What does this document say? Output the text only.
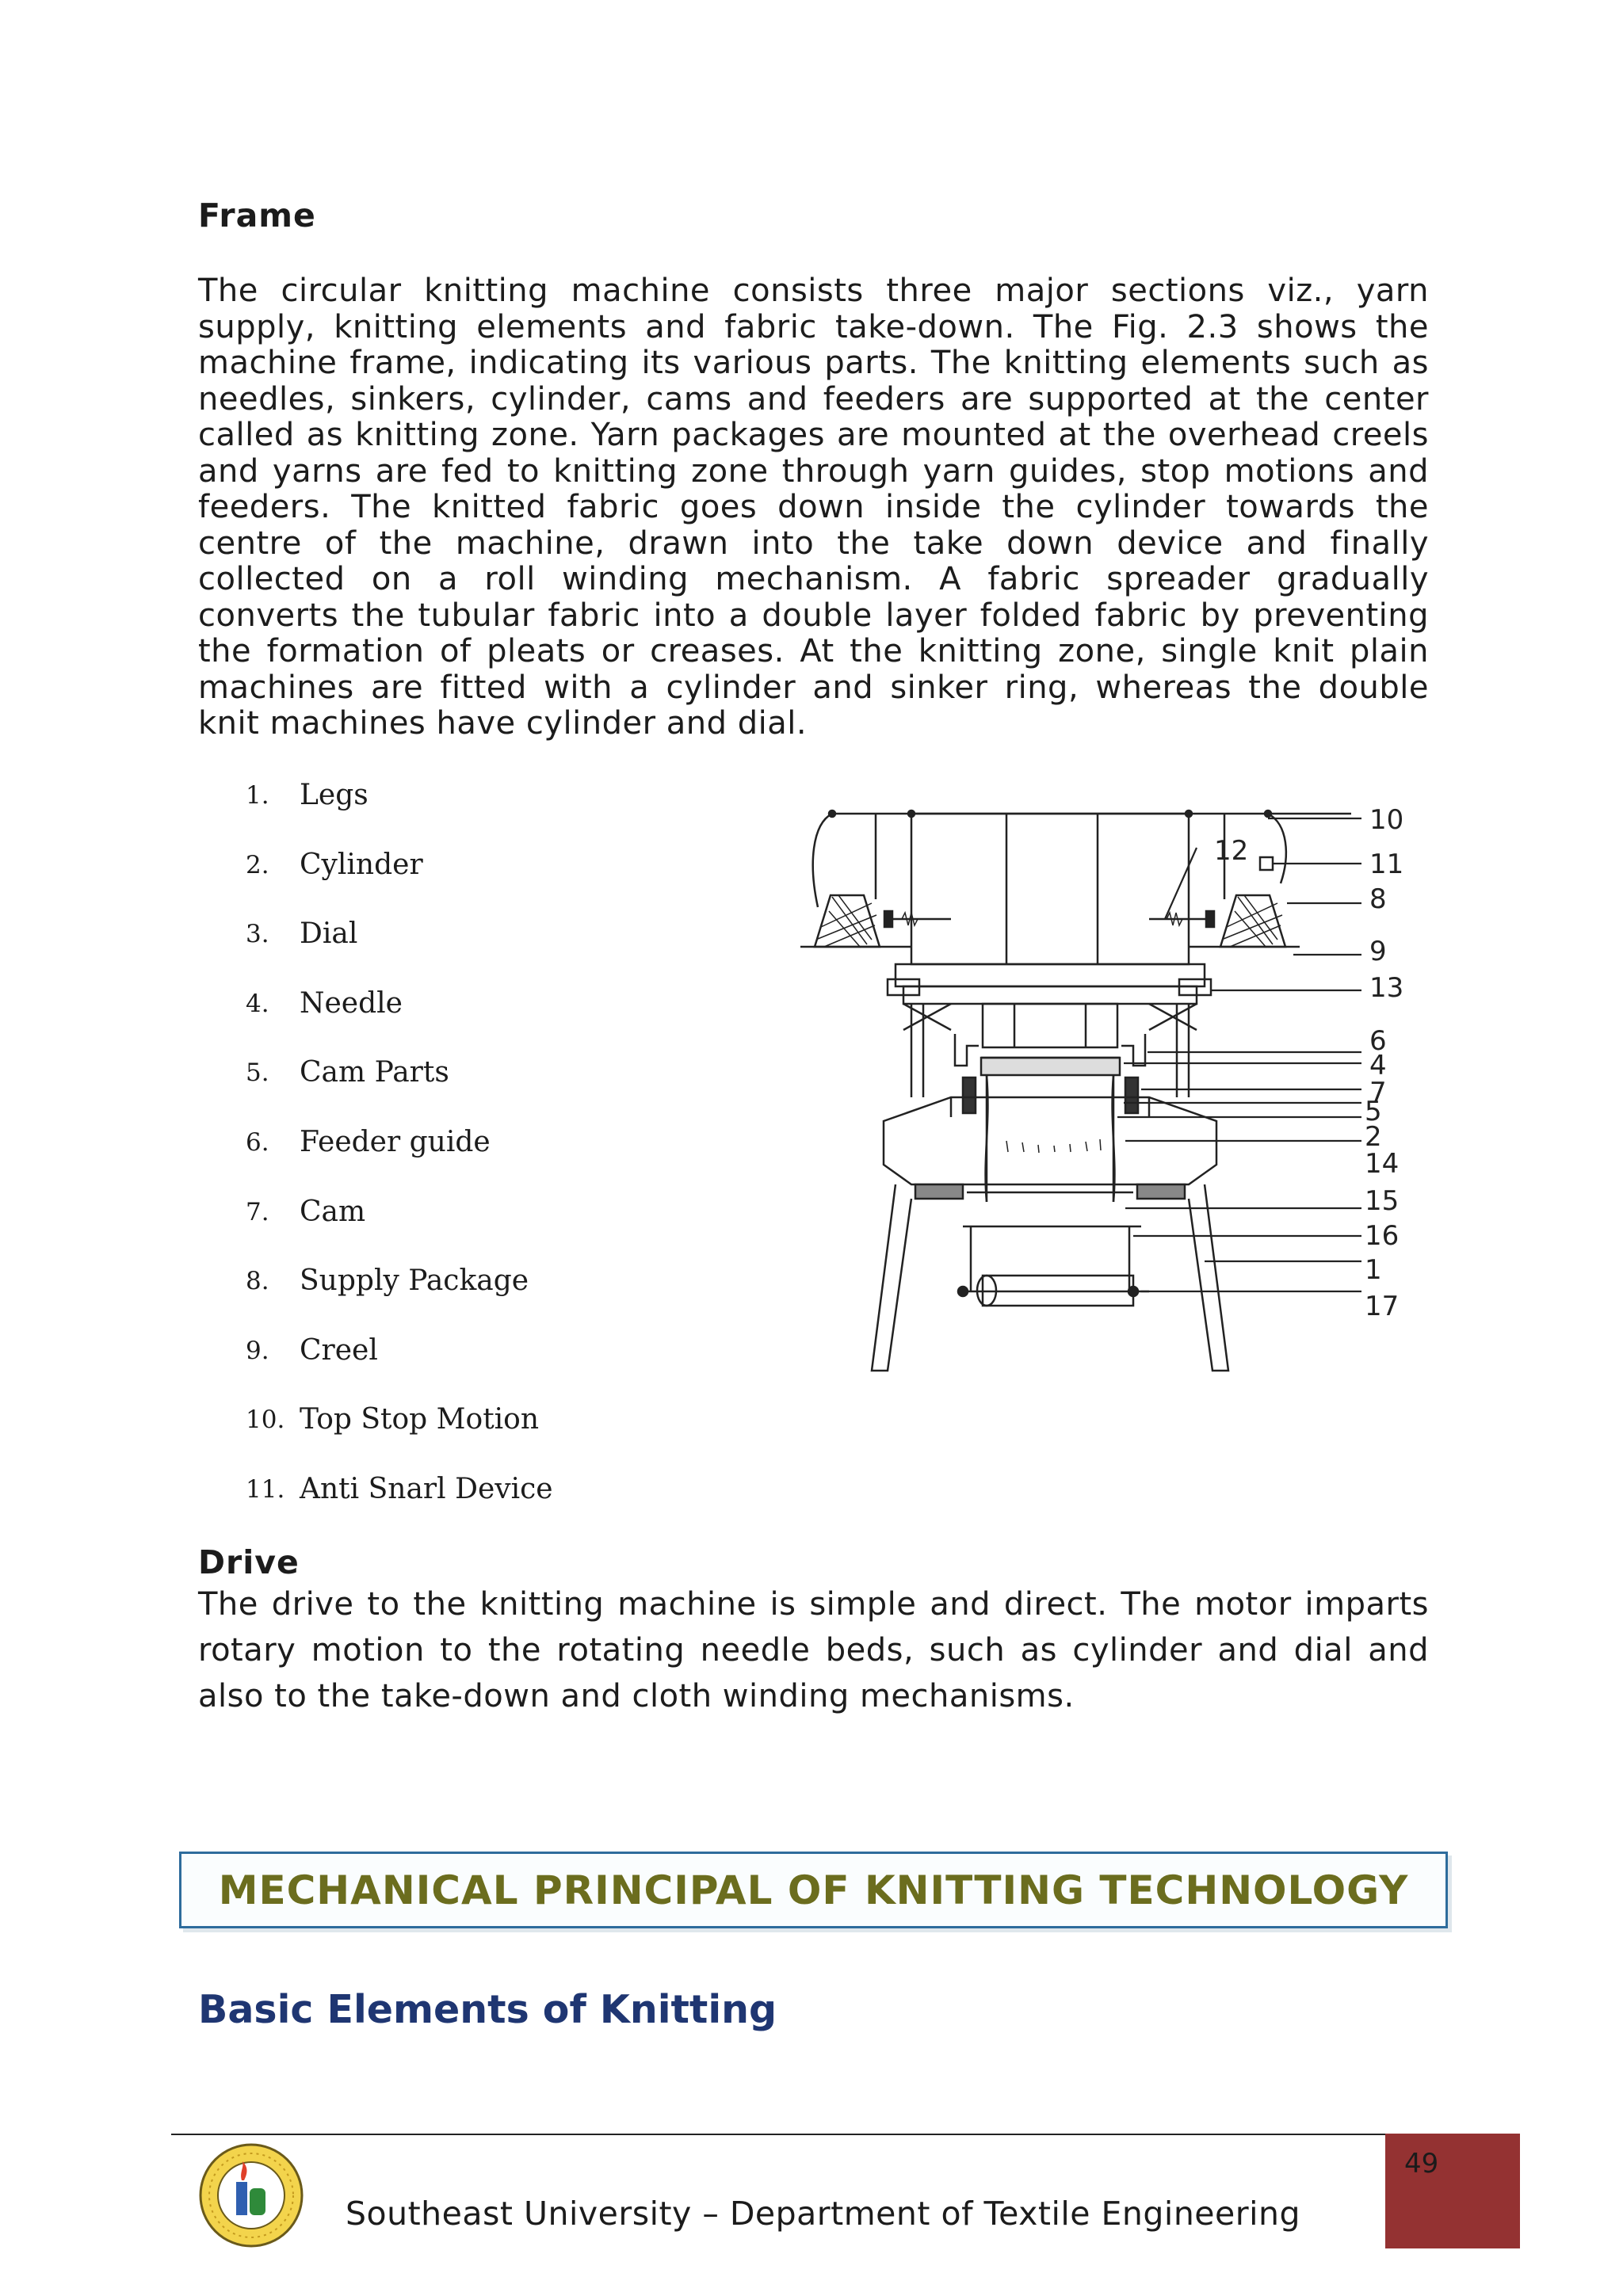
Frame

The circular knitting machine consists three major sections viz., yarn supply, knitting elements and fabric take-down. The Fig. 2.3 shows the machine frame, indicating its various parts. The knitting elements such as needles, sinkers, cylinder, cams and feeders are supported at the center called as knitting zone. Yarn packages are mounted at the overhead creels and yarns are fed to knitting zone through yarn guides, stop motions and feeders. The knitted fabric goes down inside the cylinder towards the centre of the machine, drawn into the take down device and finally collected on a roll winding mechanism. A fabric spreader gradually converts the tubular fabric into a double layer folded fabric by preventing the formation of pleats or creases. At the knitting zone, single knit plain machines are fitted with a cylinder and sinker ring, whereas the double knit machines have cylinder and dial.

1.	Legs
2.	Cylinder
3.	Dial
4.	Needle
5.	Cam Parts
6.	Feeder guide
7.	Cam
8.	Supply Package
9.	Creel
10. Top Stop Motion
11. Anti Snarl Device
10
12	11
8
9
13
6
4
7
5
2
14
15
16
1
17
Drive

The drive to the knitting machine is simple and direct. The motor imparts rotary motion to the rotating needle beds, such as cylinder and dial and also to the take-down and cloth winding mechanisms.

MECHANICAL PRINCIPAL OF KNITTING TECHNOLOGY
Basic Elements of Knitting
Southeast University – Department of Textile Engineering
49
